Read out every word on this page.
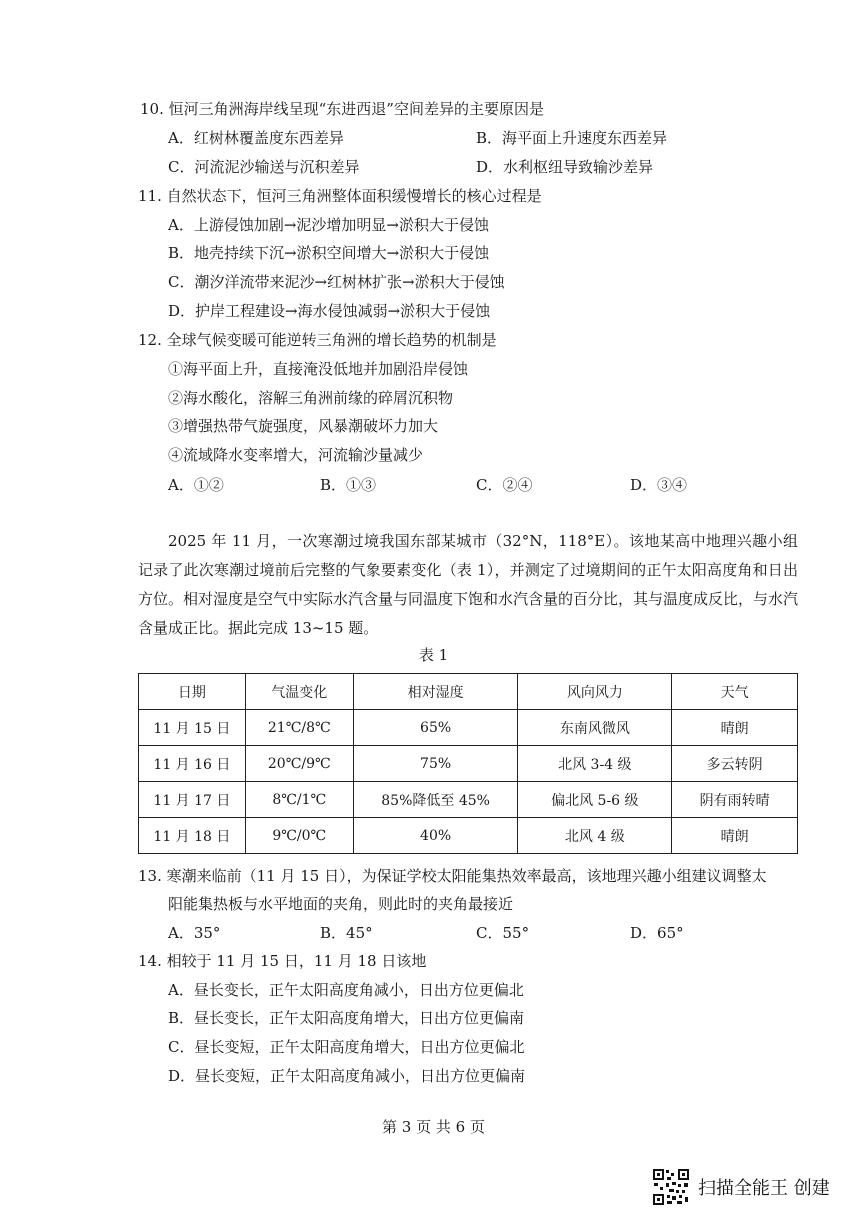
10. 恒河三角洲海岸线呈现“东进西退”空间差异的主要原因是
A．红树林覆盖度东西差异	B．海平面上升速度东西差异
C．河流泥沙输送与沉积差异	D．水利枢纽导致输沙差异
11. 自然状态下，恒河三角洲整体面积缓慢增长的核心过程是
A．上游侵蚀加剧→泥沙增加明显→淤积大于侵蚀
B．地壳持续下沉→淤积空间增大→淤积大于侵蚀
C．潮汐洋流带来泥沙→红树林扩张→淤积大于侵蚀
D．护岸工程建设→海水侵蚀减弱→淤积大于侵蚀
12. 全球气候变暖可能逆转三角洲的增长趋势的机制是
①海平面上升，直接淹没低地并加剧沿岸侵蚀
②海水酸化，溶解三角洲前缘的碎屑沉积物
③增强热带气旋强度，风暴潮破坏力加大
④流域降水变率增大，河流输沙量减少
A．①②	B．①③	C．②④	D．③④

2025 年 11 月，一次寒潮过境我国东部某城市（32°N，118°E）。该地某高中地理兴趣小组记录了此次寒潮过境前后完整的气象要素变化（表 1），并测定了过境期间的正午太阳高度角和日出方位。相对湿度是空气中实际水汽含量与同温度下饱和水汽含量的百分比，其与温度成反比，与水汽含量成正比。据此完成 13~15 题。

表 1
日期	气温变化	相对湿度	风向风力	天气
11 月 15 日	21℃/8℃	65%	东南风微风	晴朗
11 月 16 日	20℃/9℃	75%	北风 3-4 级	多云转阴
11 月 17 日	8℃/1℃	85%降低至 45%	偏北风 5-6 级	阴有雨转晴
11 月 18 日	9℃/0℃	40%	北风 4 级	晴朗
13. 寒潮来临前（11 月 15 日），为保证学校太阳能集热效率最高，该地理兴趣小组建议调整太
阳能集热板与水平地面的夹角，则此时的夹角最接近
A．35°	B．45°	C．55°	D．65°
14. 相较于 11 月 15 日，11 月 18 日该地
A．昼长变长，正午太阳高度角减小，日出方位更偏北
B．昼长变长，正午太阳高度角增大，日出方位更偏南
C．昼长变短，正午太阳高度角增大，日出方位更偏北
D．昼长变短，正午太阳高度角减小，日出方位更偏南
第 3 页 共 6 页
扫描全能王 创建
